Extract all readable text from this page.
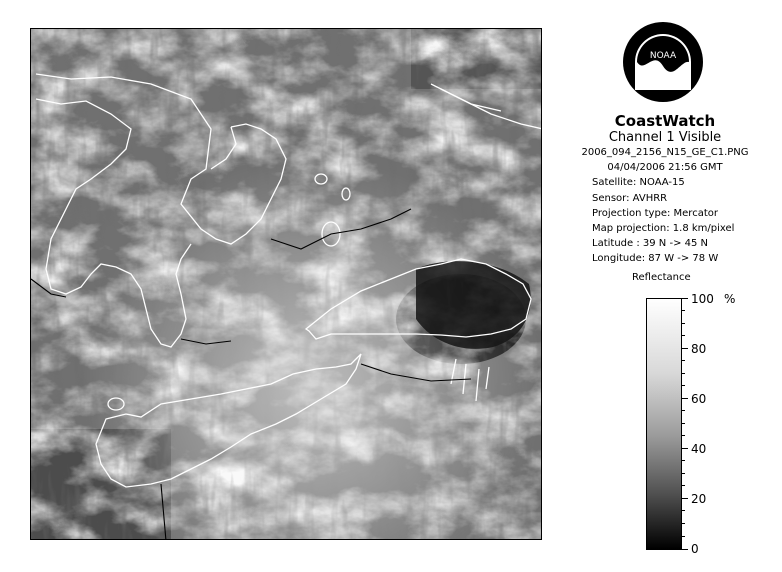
NOAA
CoastWatch
Channel 1 Visible
2006_094_2156_N15_GE_C1.PNG
04/04/2006 21:56 GMT
Satellite: NOAA-15
Sensor: AVHRR
Projection type: Mercator
Map projection: 1.8 km/pixel
Latitude : 39 N -> 45 N
Longitude: 87 W -> 78 W
Reflectance
%
100
80
60
40
20
0
